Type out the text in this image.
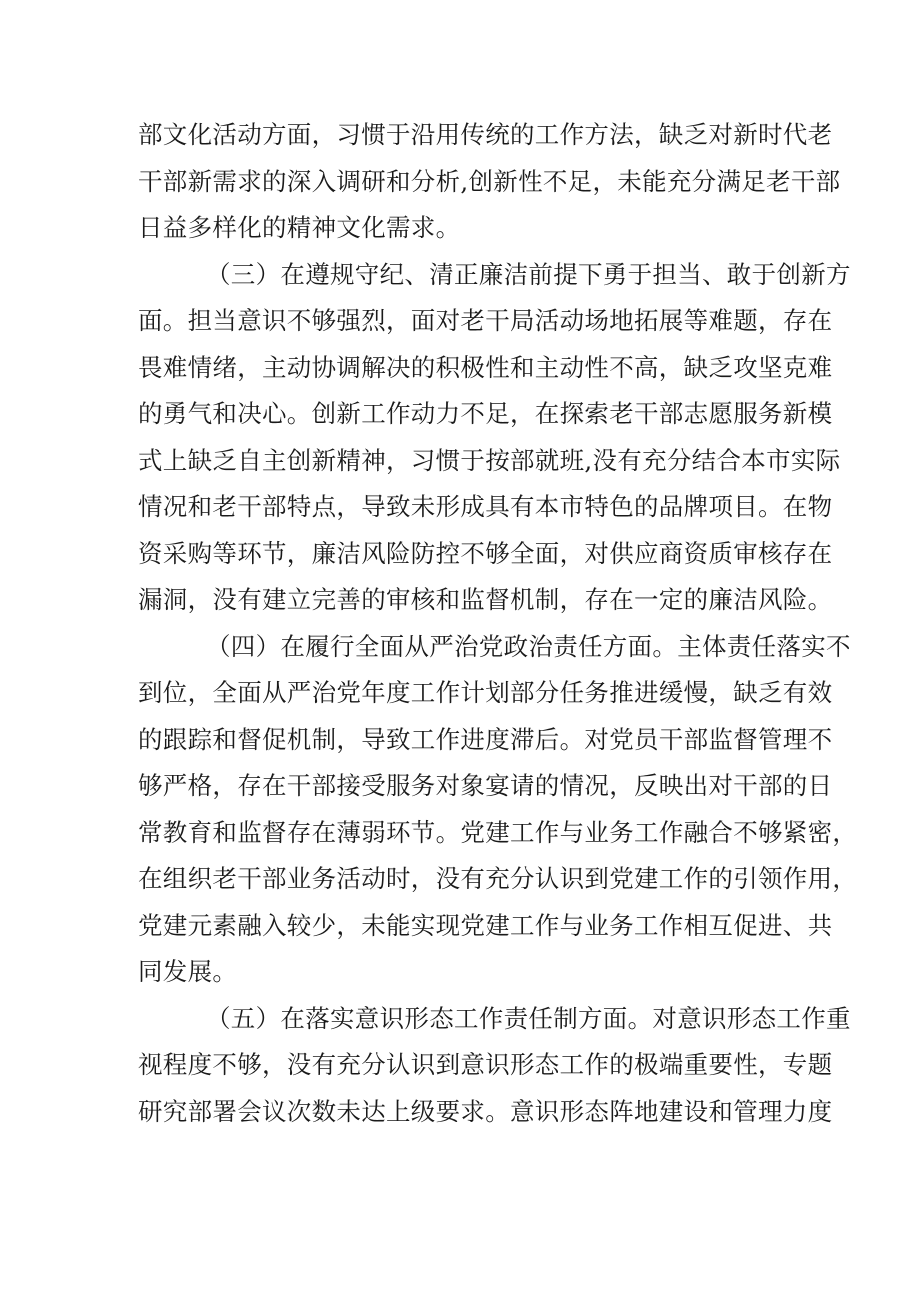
部文化活动方面，习惯于沿用传统的工作方法，缺乏对新时代老
干部新需求的深入调研和分析,创新性不足，未能充分满足老干部
日益多样化的精神文化需求。
（三）在遵规守纪、清正廉洁前提下勇于担当、敢于创新方
面。担当意识不够强烈，面对老干局活动场地拓展等难题，存在
畏难情绪，主动协调解决的积极性和主动性不高，缺乏攻坚克难
的勇气和决心。创新工作动力不足，在探索老干部志愿服务新模
式上缺乏自主创新精神，习惯于按部就班,没有充分结合本市实际
情况和老干部特点，导致未形成具有本市特色的品牌项目。在物
资采购等环节，廉洁风险防控不够全面，对供应商资质审核存在
漏洞，没有建立完善的审核和监督机制，存在一定的廉洁风险。
（四）在履行全面从严治党政治责任方面。主体责任落实不
到位，全面从严治党年度工作计划部分任务推进缓慢，缺乏有效
的跟踪和督促机制，导致工作进度滞后。对党员干部监督管理不
够严格，存在干部接受服务对象宴请的情况，反映出对干部的日
常教育和监督存在薄弱环节。党建工作与业务工作融合不够紧密，
在组织老干部业务活动时，没有充分认识到党建工作的引领作用，
党建元素融入较少，未能实现党建工作与业务工作相互促进、共
同发展。
（五）在落实意识形态工作责任制方面。对意识形态工作重
视程度不够，没有充分认识到意识形态工作的极端重要性，专题
研究部署会议次数未达上级要求。意识形态阵地建设和管理力度
